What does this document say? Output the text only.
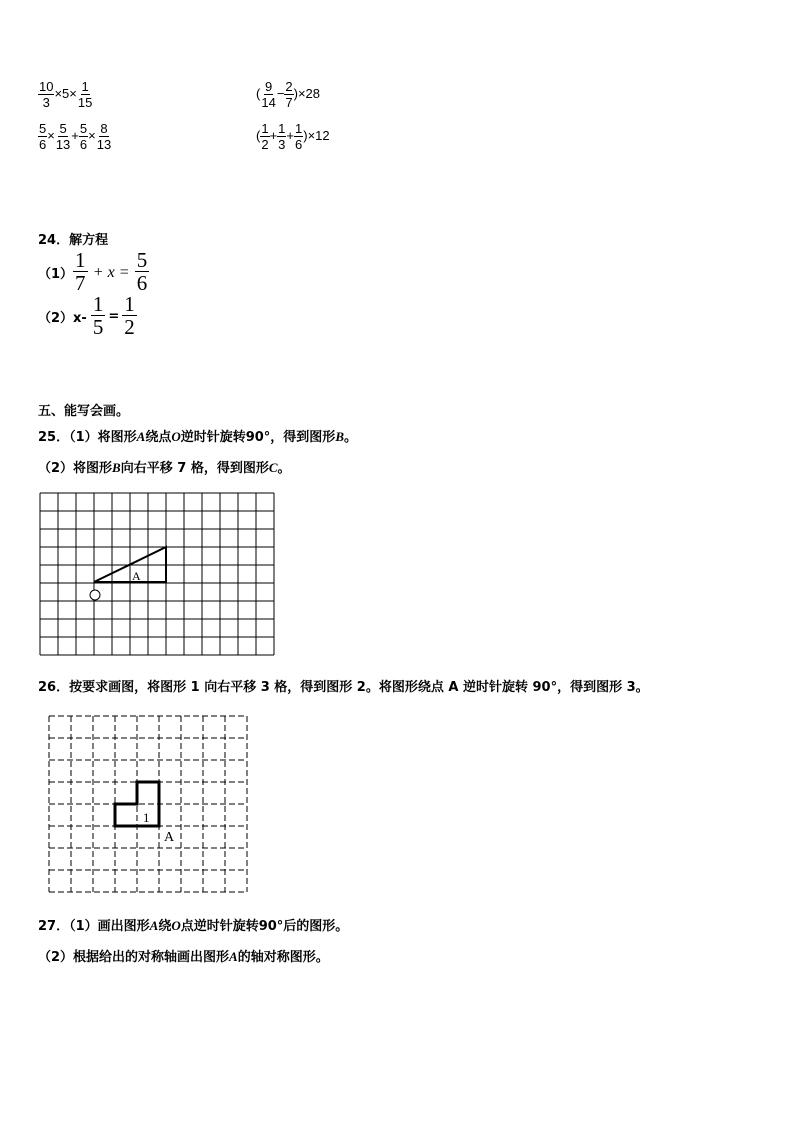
$\frac{10}{3} \times 5\times \frac{1}{15}$	( $\frac{9}{14} - \frac{2}{7} )\times 28$
$\frac{5}{6} \times \frac{5}{13} + \frac{5}{6} \times \frac{8}{13}$	( $\frac{1}{2} + \frac{1}{3} + \frac{1}{6} )\times 12$
24．解方程
$(1) \frac{1}{7} + x = \frac{5}{6}$
$(2)x- \frac{1}{5} = \frac{1}{2}$
五、能写会画。
25．（1）将图形A绕点O逆时针旋转90°，得到图形B。
（2）将图形B向右平移 7 格，得到图形C。
A
26．按要求画图，将图形 1 向右平移 3 格，得到图形 2。将图形绕点 A 逆时针旋转 90°，得到图形 3。
1
A
27．（1）画出图形A绕O点逆时针旋转90°后的图形。
（2）根据给出的对称轴画出图形A的轴对称图形。
